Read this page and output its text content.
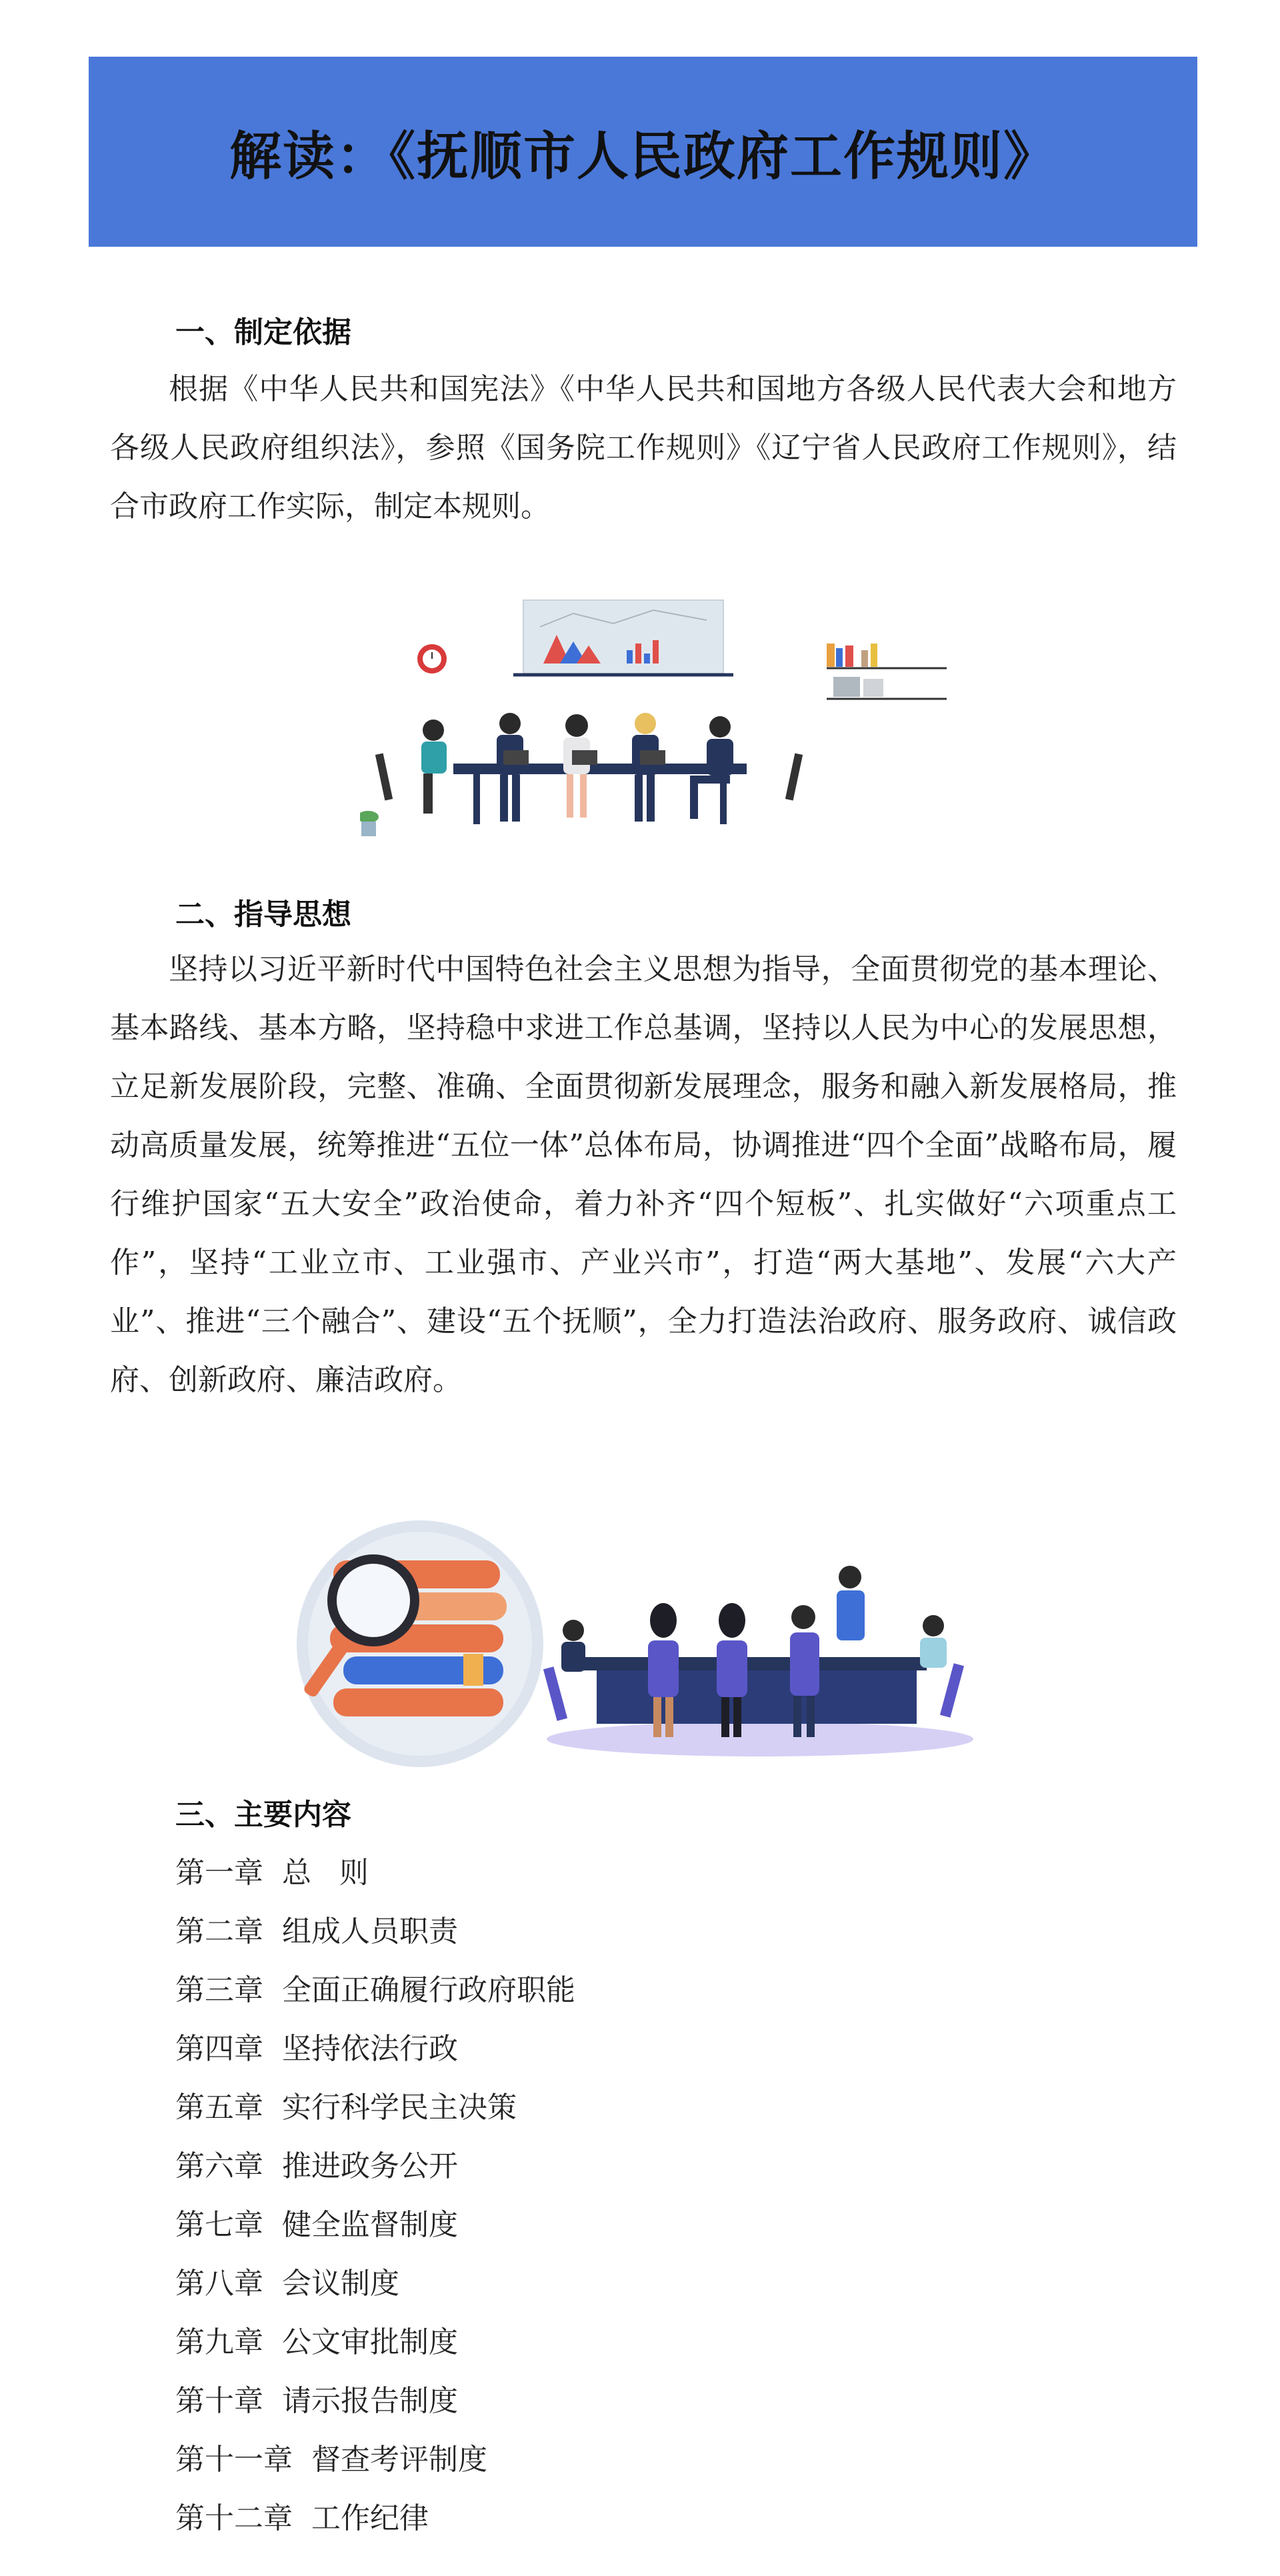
解读：《抚顺市人民政府工作规则》
一、制定依据

根据《中华人民共和国宪法》《中华人民共和国地方各级人民代表大会和地方各级人民政府组织法》，参照《国务院工作规则》《辽宁省人民政府工作规则》，结合市政府工作实际，制定本规则。

二、指导思想

坚持以习近平新时代中国特色社会主义思想为指导，全面贯彻党的基本理论、基本路线、基本方略，坚持稳中求进工作总基调，坚持以人民为中心的发展思想，立足新发展阶段，完整、准确、全面贯彻新发展理念，服务和融入新发展格局，推动高质量发展，统筹推进“五位一体”总体布局，协调推进“四个全面”战略布局，履行维护国家“五大安全”政治使命，着力补齐“四个短板”、扎实做好“六项重点工作”，坚持“工业立市、工业强市、产业兴市”，打造“两大基地”、发展“六大产业”、推进“三个融合”、建设“五个抚顺”，全力打造法治政府、服务政府、诚信政府、创新政府、廉洁政府。

三、主要内容
第一章  总   则
第二章  组成人员职责
第三章  全面正确履行政府职能
第四章  坚持依法行政
第五章  实行科学民主决策
第六章  推进政务公开
第七章  健全监督制度
第八章  会议制度
第九章  公文审批制度
第十章  请示报告制度
第十一章  督查考评制度
第十二章  工作纪律
